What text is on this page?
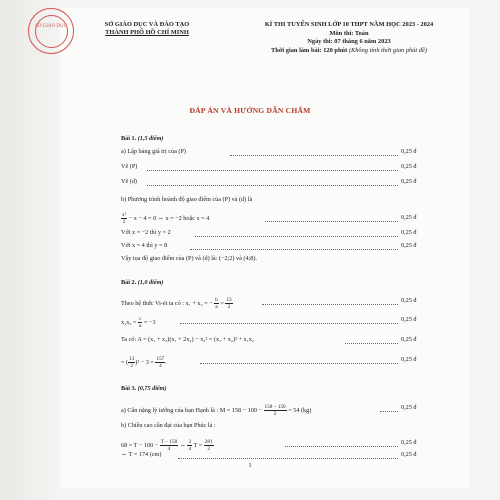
SỞ GIÁO DỤC	SỞ GIÁO DỤC VÀ ĐÀO TẠO
THÀNH PHỐ HỒ CHÍ MINH
KÌ THI TUYỂN SINH LỚP 10 THPT NĂM HỌC 2023 - 2024
Môn thi: Toán
Ngày thi: 07 tháng 6 năm 2023
Thời gian làm bài: 120 phút (Không tính thời gian phát đề)
ĐÁP ÁN VÀ HƯỚNG DẪN CHẤM
Bài 1. (1,5 điểm)
a) Lập bảng giá trị của (P)	0,25 đ
Vẽ (P)	0,25 đ
Vẽ (d)	0,25 đ
b) Phương trình hoành độ giao điểm của (P) và (d) là
$\frac{\text{x²}}{2} - x - 4 = 0$ ⇔ x = −2 hoặc x = 4	0,25 đ
Với x = −2 thì y = 2	0,25 đ
Với x = 4 thì y = 8	0,25 đ
Vậy tọa độ giao điểm của (P) và (d) là: (−2;2) và (4;8).
Bài 2. (1,0 điểm)
Theo hệ thức Vi-ét ta có : x₁ + x₂ = − $\frac{b}{a} = \frac{13}{2}$	0,25 đ
$x_1x_2 = \frac{c}{a} = -3$	0,25 đ
Ta có: A = (x₁ + x₂)(x₁ + 2x₂) − x₂² = (x₁ + x₂)² + x₁x₂	0,25 đ
= ( $\frac{13}{2} )^2 - 3 = \frac{157}{4}$ .	0,25 đ
Bài 3. (0,75 điểm)
a) Cân nặng lý tưởng của bạn Hạnh là : $M = 158 - 100 - \frac{158 - 150}{2} = 54$ (kg)	0,25 đ
b) Chiều cao cần đạt của bạn Phúc là :
$68 = T - 100 - \frac{T - 150}{4}$ ⇔ $\frac{3}{4}$ $T = \frac{281}{2}$	0,25 đ
⇔ T = 174 (cm)	0,25 đ
1
